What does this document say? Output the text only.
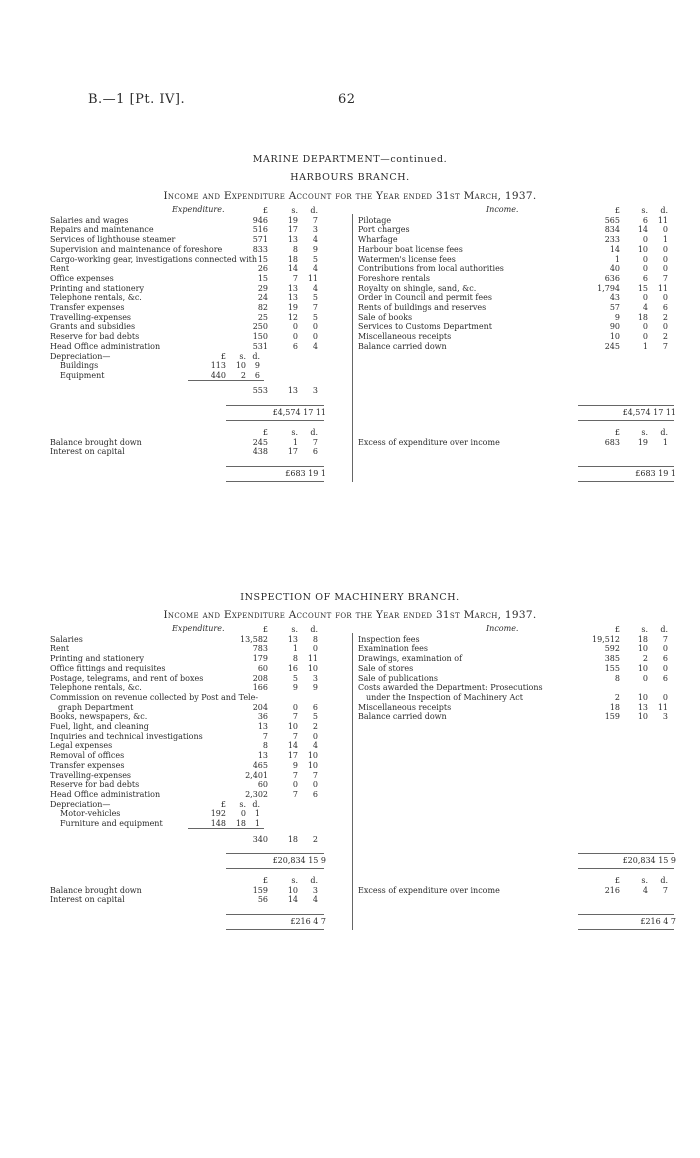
B.—1 [Pt. IV].	62
MARINE DEPARTMENT—continued.
HARBOURS BRANCH.
Income and Expenditure Account for the Year ended 31st March, 1937.
Expenditure.	Income.
£	s.	d.	£	s.	d.
Salaries and wages	946	19	7
Repairs and maintenance	516	17	3
Services of lighthouse steamer	571	13	4
Supervision and maintenance of foreshore	833	8	9
Cargo-working gear, investigations connected with 15	18	5
Rent	26	14	4
Office expenses	15	7	11
Printing and stationery	29	13	4
Telephone rentals, &c.	24	13	5
Transfer expenses	82	19	7
Travelling-expenses	25	12	5
Grants and subsidies	250	0	0
Reserve for bad debts	150	0	0
Head Office administration	531	6	4
Depreciation—	£	s. d.
Buildings	113	10	9
Equipment	440	2	6
553	13	3
Pilotage	565	6	11
Port charges	834	14	0
Wharfage	233	0	1
Harbour boat license fees	14	10	0
Watermen's license fees	1	0	0
Contributions from local authorities	40	0	0
Foreshore rentals	636	6	7
Royalty on shingle, sand, &c.	1,794	15	11
Order in Council and permit fees	43	0	0
Rents of buildings and reserves	57	4	6
Sale of books	9	18	2
Services to Customs Department	90	0	0
Miscellaneous receipts	10	0	2
Balance carried down	245	1	7
£4,574 17 11	£4,574 17 11
£	s.	d.	£	s.	d.
Balance brought down	245	1	7	Excess of expenditure over income	683	19	1
Interest on capital	438	17	6
£683 19 1	£683 19 1
INSPECTION OF MACHINERY BRANCH.
Income and Expenditure Account for the Year ended 31st March, 1937.
Expenditure.	Income.
£	s.	d.	£	s.	d.
Salaries	13,582	13	8
Rent	783	1	0
Printing and stationery	179	8	11
Office fittings and requisites	60	16	10
Postage, telegrams, and rent of boxes	208	5	3
Telephone rentals, &c.	166	9	9
Commission on revenue collected by Post and Tele-
graph Department	204	0	6
Books, newspapers, &c.	36	7	5
Fuel, light, and cleaning	13	10	2
Inquiries and technical investigations	7	7	0
Legal expenses	8	14	4
Removal of offices	13	17	10
Transfer expenses	465	9	10
Travelling-expenses	2,401	7	7
Reserve for bad debts	60	0	0
Head Office administration	2,302	7	6
Depreciation—	£	s. d.
Motor-vehicles	192	0	1
Furniture and equipment	148	18	1
340	18	2
Inspection fees	19,512	18	7
Examination fees	592	10	0
Drawings, examination of	385	2	6
Sale of stores	155	10	0
Sale of publications	8	0	6
Costs awarded the Department: Prosecutions
under the Inspection of Machinery Act	2	10	0
Miscellaneous receipts	18	13	11
Balance carried down	159	10	3
£20,834 15 9	£20,834 15 9
£	s.	d.	£	s.	d.
Balance brought down	159	10	3	Excess of expenditure over income	216	4	7
Interest on capital	56	14	4
£216 4 7	£216 4 7
